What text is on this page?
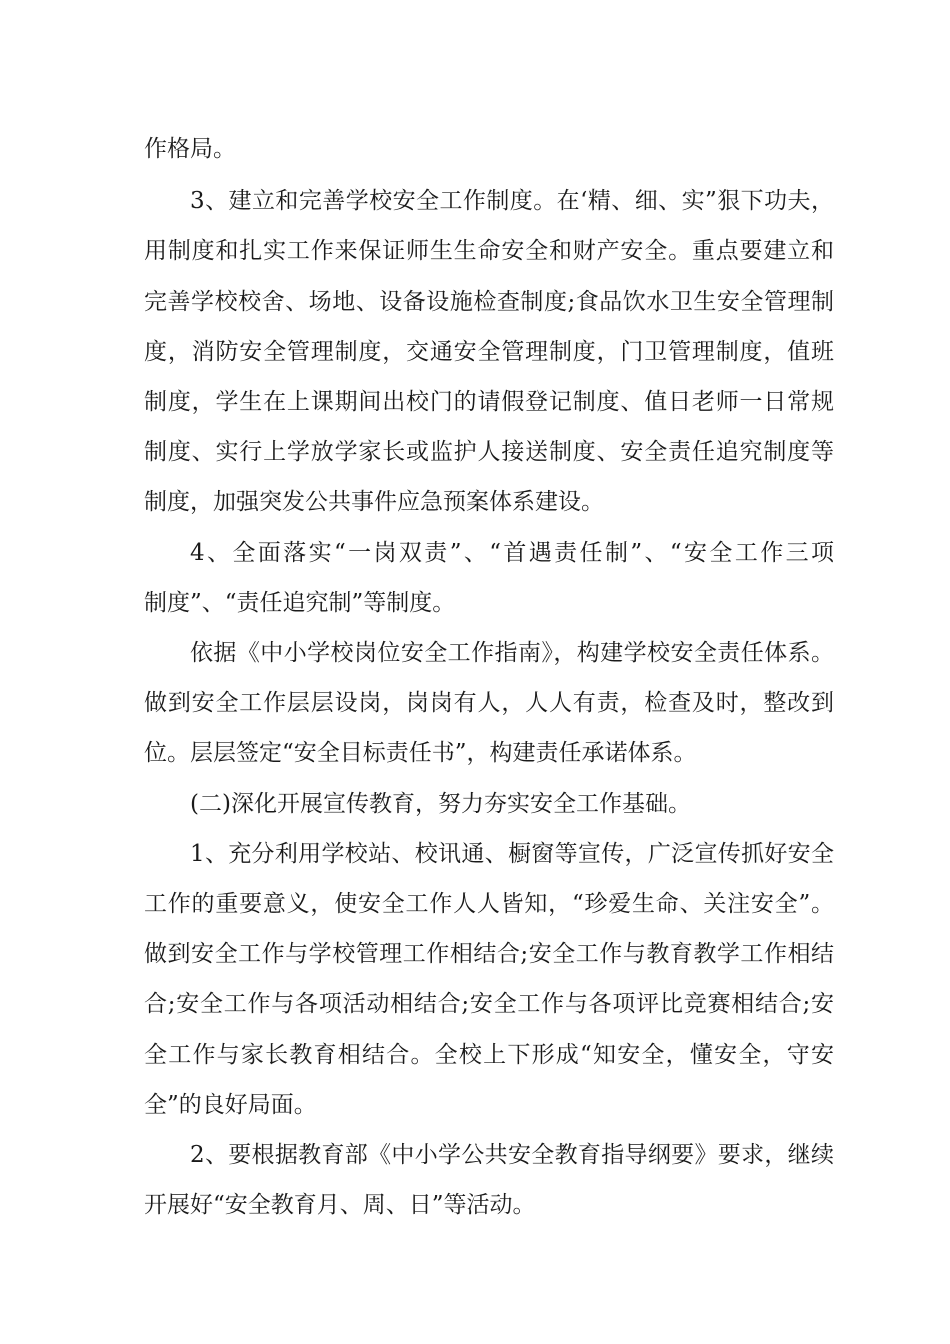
作格局。
3、建立和完善学校安全工作制度。在‘精、细、实”狠下功夫，
用制度和扎实工作来保证师生生命安全和财产安全。重点要建立和
完善学校校舍、场地、设备设施检查制度;食品饮水卫生安全管理制
度，消防安全管理制度，交通安全管理制度，门卫管理制度，值班
制度，学生在上课期间出校门的请假登记制度、值日老师一日常规
制度、实行上学放学家长或监护人接送制度、安全责任追究制度等
制度，加强突发公共事件应急预案体系建设。
4、全面落实“一岗双责”、“首遇责任制”、“安全工作三项
制度”、“责任追究制”等制度。
依据《中小学校岗位安全工作指南》，构建学校安全责任体系。
做到安全工作层层设岗，岗岗有人，人人有责，检查及时，整改到
位。层层签定“安全目标责任书”，构建责任承诺体系。
(二)深化开展宣传教育，努力夯实安全工作基础。
1、充分利用学校站、校讯通、橱窗等宣传，广泛宣传抓好安全
工作的重要意义，使安全工作人人皆知，“珍爱生命、关注安全”。
做到安全工作与学校管理工作相结合;安全工作与教育教学工作相结
合;安全工作与各项活动相结合;安全工作与各项评比竞赛相结合;安
全工作与家长教育相结合。全校上下形成“知安全，懂安全，守安
全”的良好局面。
2、要根据教育部《中小学公共安全教育指导纲要》要求，继续
开展好“安全教育月、周、日”等活动。
